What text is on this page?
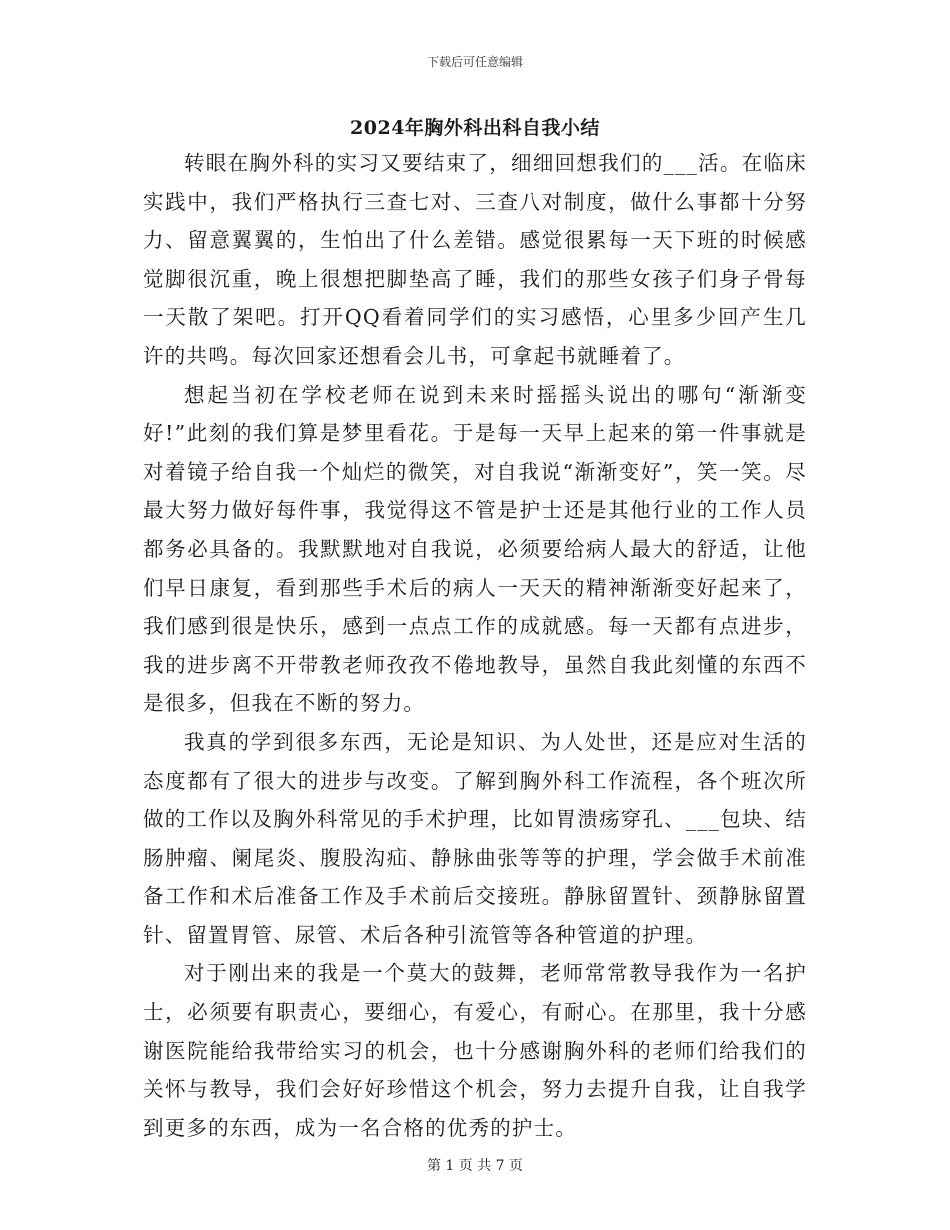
下载后可任意编辑
2024年胸外科出科自我小结

转眼在胸外科的实习又要结束了，细细回想我们的___活。在临床实践中，我们严格执行三查七对、三查八对制度，做什么事都十分努力、留意翼翼的，生怕出了什么差错。感觉很累每一天下班的时候感觉脚很沉重，晚上很想把脚垫高了睡，我们的那些女孩子们身子骨每一天散了架吧。打开QQ看着同学们的实习感悟，心里多少回产生几许的共鸣。每次回家还想看会儿书，可拿起书就睡着了。

想起当初在学校老师在说到未来时摇摇头说出的哪句“渐渐变好!”此刻的我们算是梦里看花。于是每一天早上起来的第一件事就是对着镜子给自我一个灿烂的微笑，对自我说“渐渐变好”，笑一笑。尽最大努力做好每件事，我觉得这不管是护士还是其他行业的工作人员都务必具备的。我默默地对自我说，必须要给病人最大的舒适，让他们早日康复，看到那些手术后的病人一天天的精神渐渐变好起来了，我们感到很是快乐，感到一点点工作的成就感。每一天都有点进步，我的进步离不开带教老师孜孜不倦地教导，虽然自我此刻懂的东西不是很多，但我在不断的努力。

我真的学到很多东西，无论是知识、为人处世，还是应对生活的态度都有了很大的进步与改变。了解到胸外科工作流程，各个班次所做的工作以及胸外科常见的手术护理，比如胃溃疡穿孔、___包块、结肠肿瘤、阑尾炎、腹股沟疝、静脉曲张等等的护理，学会做手术前准备工作和术后准备工作及手术前后交接班。静脉留置针、颈静脉留置针、留置胃管、尿管、术后各种引流管等各种管道的护理。

对于刚出来的我是一个莫大的鼓舞，老师常常教导我作为一名护士，必须要有职责心，要细心，有爱心，有耐心。在那里，我十分感谢医院能给我带给实习的机会，也十分感谢胸外科的老师们给我们的关怀与教导，我们会好好珍惜这个机会，努力去提升自我，让自我学到更多的东西，成为一名合格的优秀的护士。

第 1 页 共 7 页
